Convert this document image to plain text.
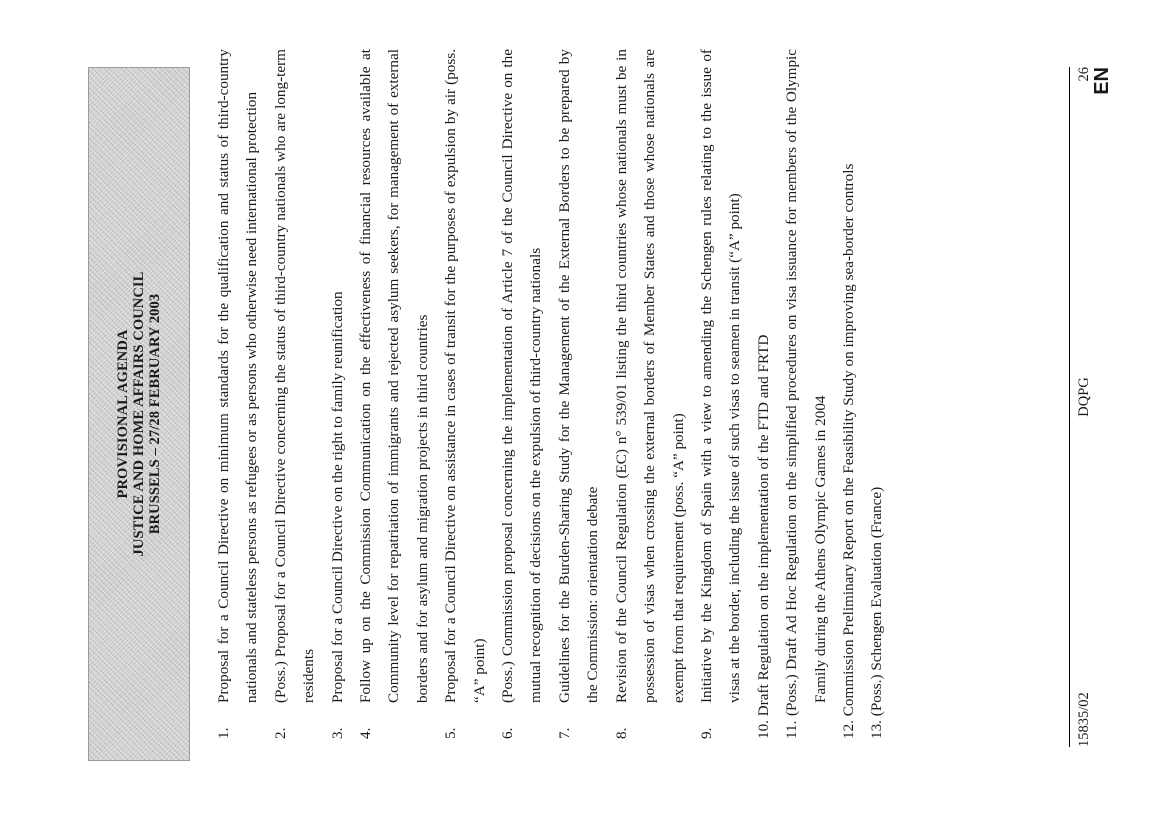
PROVISIONAL AGENDA JUSTICE AND HOME AFFAIRS COUNCIL BRUSSELS – 27/28 FEBRUARY 2003
1.
Proposal for a Council Directive on minimum standards for the qualification and status of third-country nationals and stateless persons as refugees or as persons who otherwise need international protection
2.
(Poss.) Proposal for a Council Directive concerning the status of third-country nationals who are long-term residents
3.
Proposal for a Council Directive on the right to family reunification
4.
Follow up on the Commission Communication on the effectiveness of financial resources available at Community level for repatriation of immigrants and rejected asylum seekers, for management of external borders and for asylum and migration projects in third countries
5.
Proposal for a Council Directive on assistance in cases of transit for the purposes of expulsion by air (poss. “A” point)
6.
(Poss.) Commission proposal concerning the implementation of Article 7 of the Council Directive on the mutual recognition of decisions on the expulsion of third-country nationals
7.
Guidelines for the Burden-Sharing Study for the Management of the External Borders to be prepared by the Commission: orientation debate
8.
Revision of the Council Regulation (EC) n° 539/01 listing the third countries whose nationals must be in possession of visas when crossing the external borders of Member States and those whose nationals are exempt from that requirement (poss. “A” point)
9.
Initiative by the Kingdom of Spain with a view to amending the Schengen rules relating to the issue of visas at the border, including the issue of such visas to seamen in transit (“A” point)
10. Draft Regulation on the implementation of the FTD and FRTD
11. (Poss.) Draft Ad Hoc Regulation on the simplified procedures on visa issuance for members of the Olympic Family during the Athens Olympic Games in 2004
12. Commission Preliminary Report on the Feasibility Study on improving sea-border controls
13. (Poss.) Schengen Evaluation (France)
15835/02
DQPG
26 EN
